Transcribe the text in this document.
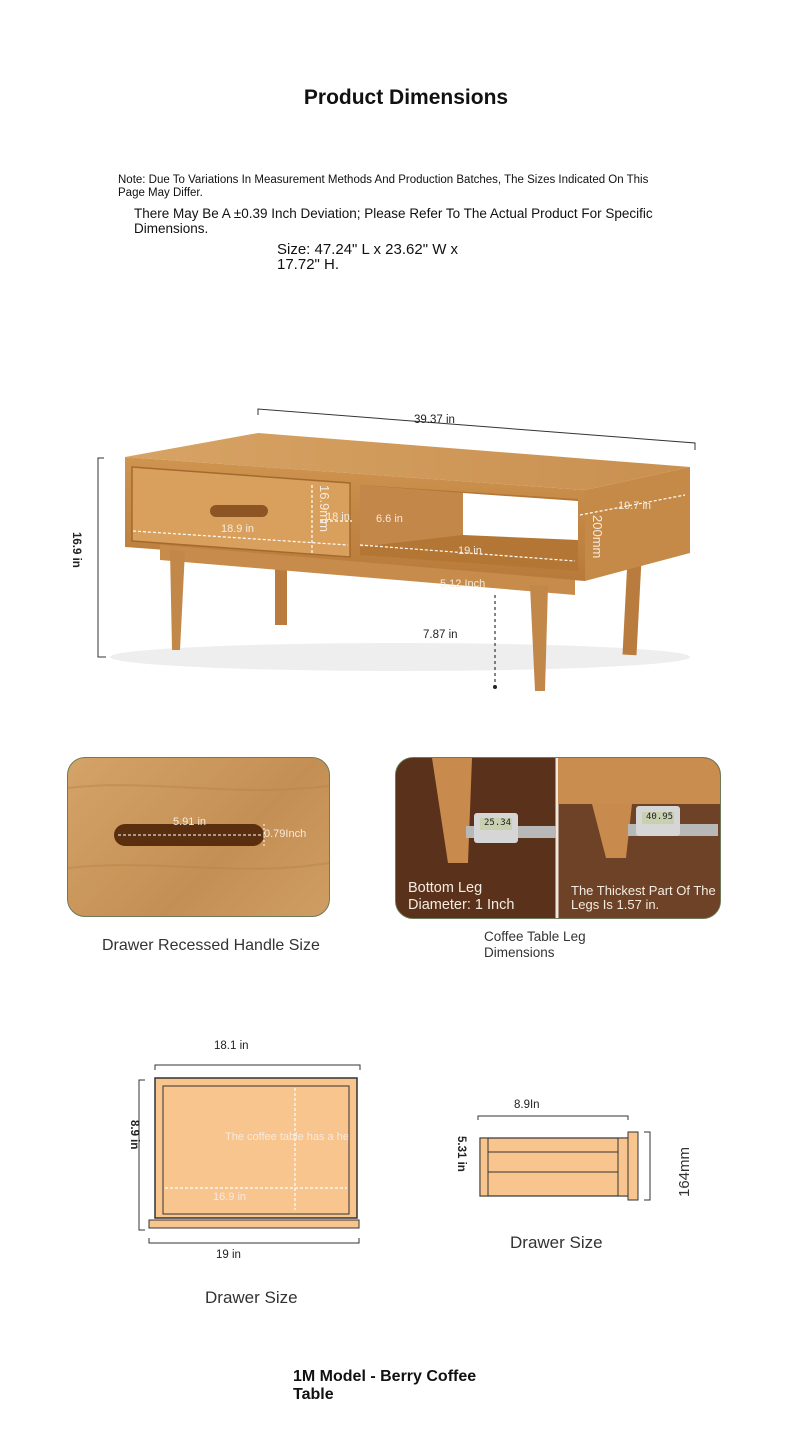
Product Dimensions
Note: Due To Variations In Measurement Methods And Production Batches, The Sizes Indicated On This Page May Differ.
There May Be A ±0.39 Inch Deviation; Please Refer To The Actual Product For Specific Dimensions.
Size: 47.24" L x 23.62" W x 17.72" H.
39.37 in
16.9 in
16.9mm
18.9 in
18 in 6.6 in
19 in
19.7 in
200mm
5.12 Inch
7.87 in
5.91 in
0.79Inch
Drawer Recessed Handle Size
25.34
40.95
Bottom Leg Diameter: 1 Inch
The Thickest Part Of The Legs Is 1.57 in.
Coffee Table Leg Dimensions
18.1 in
8.9 in	The coffee table has a he
16.9 in
19 in
Drawer Size
8.9In
5.31 in	164mm
Drawer Size
1M Model - Berry Coffee Table
